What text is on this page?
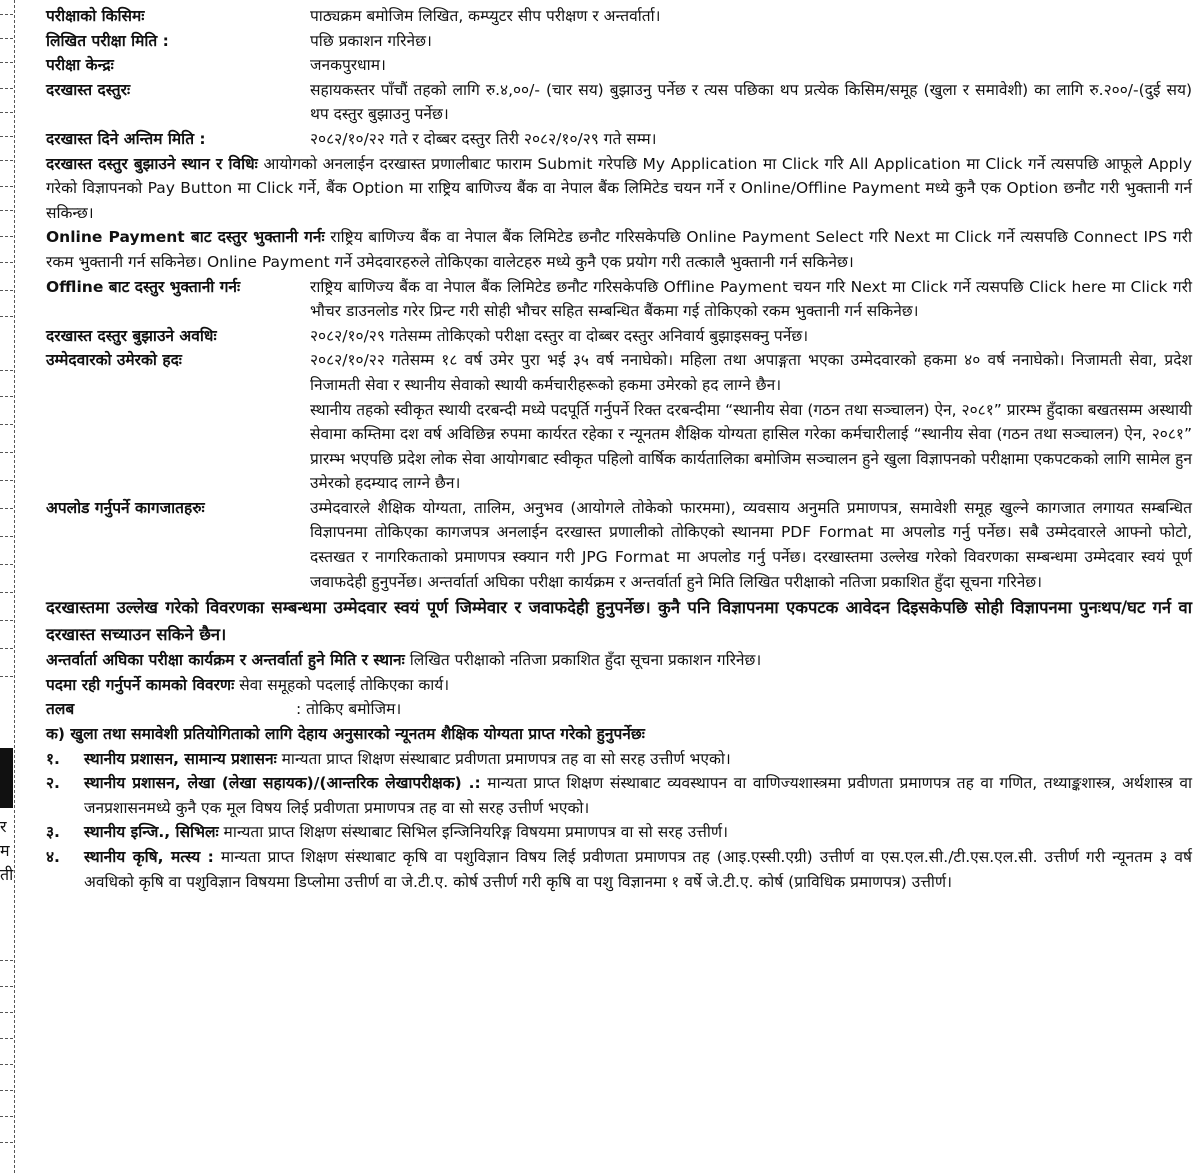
र
म
ती
परीक्षाको किसिमः	पाठ्यक्रम बमोजिम लिखित, कम्प्युटर सीप परीक्षण र अन्तर्वार्ता।
लिखित परीक्षा मिति :	पछि प्रकाशन गरिनेछ।
परीक्षा केन्द्रः	जनकपुरधाम।
दरखास्त दस्तुरः	सहायकस्तर पाँचौं तहको लागि रु.४,००/- (चार सय) बुझाउनु पर्नेछ र त्यस पछिका थप प्रत्येक किसिम/समूह (खुला र समावेशी) का लागि रु.२००/-(दुई सय) थप दस्तुर बुझाउनु पर्नेछ।
दरखास्त दिने अन्तिम मिति :	२०८२/१०/२२ गते र दोब्बर दस्तुर तिरी २०८२/१०/२९ गते सम्म।
दरखास्त दस्तुर बुझाउने स्थान र विधिः आयोगको अनलाईन दरखास्त प्रणालीबाट फाराम Submit गरेपछि My Application मा Click गरि All Application मा Click गर्ने त्यसपछि आफूले Apply गरेको विज्ञापनको Pay Button मा Click गर्ने, बैंक Option मा राष्ट्रिय बाणिज्य बैंक वा नेपाल बैंक लिमिटेड चयन गर्ने र Online/Offline Payment मध्ये कुनै एक Option छनौट गरी भुक्तानी गर्न सकिन्छ।
Online Payment बाट दस्तुर भुक्तानी गर्नः राष्ट्रिय बाणिज्य बैंक वा नेपाल बैंक लिमिटेड छनौट गरिसकेपछि Online Payment Select गरि Next मा Click गर्ने त्यसपछि Connect IPS गरी रकम भुक्तानी गर्न सकिनेछ। Online Payment गर्ने उमेदवारहरुले तोकिएका वालेटहरु मध्ये कुनै एक प्रयोग गरी तत्कालै भुक्तानी गर्न सकिनेछ।
Offline बाट दस्तुर भुक्तानी गर्नः	राष्ट्रिय बाणिज्य बैंक वा नेपाल बैंक लिमिटेड छनौट गरिसकेपछि Offline Payment चयन गरि Next मा Click गर्ने त्यसपछि Click here मा Click गरी भौचर डाउनलोड गरेर प्रिन्ट गरी सोही भौचर सहित सम्बन्धित बैंकमा गई तोकिएको रकम भुक्तानी गर्न सकिनेछ।
दरखास्त दस्तुर बुझाउने अवधिः	२०८२/१०/२९ गतेसम्म तोकिएको परीक्षा दस्तुर वा दोब्बर दस्तुर अनिवार्य बुझाइसक्नु पर्नेछ।
उम्मेदवारको उमेरको हदः	२०८२/१०/२२ गतेसम्म १८ वर्ष उमेर पुरा भई ३५ वर्ष ननाघेको। महिला तथा अपाङ्गता भएका उम्मेदवारको हकमा ४० वर्ष ननाघेको। निजामती सेवा, प्रदेश निजामती सेवा र स्थानीय सेवाको स्थायी कर्मचारीहरूको हकमा उमेरको हद लाग्ने छैन।
स्थानीय तहको स्वीकृत स्थायी दरबन्दी मध्ये पदपूर्ति गर्नुपर्ने रिक्त दरबन्दीमा “स्थानीय सेवा (गठन तथा सञ्चालन) ऐन, २०८१” प्रारम्भ हुँदाका बखतसम्म अस्थायी सेवामा कम्तिमा दश वर्ष अविछिन्न रुपमा कार्यरत रहेका र न्यूनतम शैक्षिक योग्यता हासिल गरेका कर्मचारीलाई “स्थानीय सेवा (गठन तथा सञ्चालन) ऐन, २०८१” प्रारम्भ भएपछि प्रदेश लोक सेवा आयोगबाट स्वीकृत पहिलो वार्षिक कार्यतालिका बमोजिम सञ्चालन हुने खुला विज्ञापनको परीक्षामा एकपटकको लागि सामेल हुन उमेरको हदम्याद लाग्ने छैन।
अपलोड गर्नुपर्ने कागजातहरुः	उम्मेदवारले शैक्षिक योग्यता, तालिम, अनुभव (आयोगले तोकेको फारममा), व्यवसाय अनुमति प्रमाणपत्र, समावेशी समूह खुल्ने कागजात लगायत सम्बन्धित विज्ञापनमा तोकिएका कागजपत्र अनलाईन दरखास्त प्रणालीको तोकिएको स्थानमा PDF Format मा अपलोड गर्नु पर्नेछ। सबै उम्मेदवारले आफ्नो फोटो, दस्तखत र नागरिकताको प्रमाणपत्र स्क्यान गरी JPG Format मा अपलोड गर्नु पर्नेछ। दरखास्तमा उल्लेख गरेको विवरणका सम्बन्धमा उम्मेदवार स्वयं पूर्ण जवाफदेही हुनुपर्नेछ। अन्तर्वार्ता अघिका परीक्षा कार्यक्रम र अन्तर्वार्ता हुने मिति लिखित परीक्षाको नतिजा प्रकाशित हुँदा सूचना गरिनेछ।
दरखास्तमा उल्लेख गरेको विवरणका सम्बन्धमा उम्मेदवार स्वयं पूर्ण जिम्मेवार र जवाफदेही हुनुपर्नेछ। कुनै पनि विज्ञापनमा एकपटक आवेदन दिइसकेपछि सोही विज्ञापनमा पुनःथप/घट गर्न वा दरखास्त सच्याउन सकिने छैन।
अन्तर्वार्ता अघिका परीक्षा कार्यक्रम र अन्तर्वार्ता हुने मिति र स्थानः लिखित परीक्षाको नतिजा प्रकाशित हुँदा सूचना प्रकाशन गरिनेछ।
पदमा रही गर्नुपर्ने कामको विवरणः सेवा समूहको पदलाई तोकिएका कार्य।
तलब	: तोकिए बमोजिम।
क) खुला तथा समावेशी प्रतियोगिताको लागि देहाय अनुसारको न्यूनतम शैक्षिक योग्यता प्राप्त गरेको हुनुपर्नेछः
१.	स्थानीय प्रशासन, सामान्य प्रशासनः मान्यता प्राप्त शिक्षण संस्थाबाट प्रवीणता प्रमाणपत्र तह वा सो सरह उत्तीर्ण भएको।
२.	स्थानीय प्रशासन, लेखा (लेखा सहायक)/(आन्तरिक लेखापरीक्षक) .: मान्यता प्राप्त शिक्षण संस्थाबाट व्यवस्थापन वा वाणिज्यशास्त्रमा प्रवीणता प्रमाणपत्र तह वा गणित, तथ्याङ्कशास्त्र, अर्थशास्त्र वा जनप्रशासनमध्ये कुनै एक मूल विषय लिई प्रवीणता प्रमाणपत्र तह वा सो सरह उत्तीर्ण भएको।
३.	स्थानीय इन्जि., सिभिलः मान्यता प्राप्त शिक्षण संस्थाबाट सिभिल इन्जिनियरिङ्ग विषयमा प्रमाणपत्र वा सो सरह उत्तीर्ण।
४.	स्थानीय कृषि, मत्स्य : मान्यता प्राप्त शिक्षण संस्थाबाट कृषि वा पशुविज्ञान विषय लिई प्रवीणता प्रमाणपत्र तह (आइ.एस्सी.एग्री) उत्तीर्ण वा एस.एल.सी./टी.एस.एल.सी. उत्तीर्ण गरी न्यूनतम ३ वर्ष अवधिको कृषि वा पशुविज्ञान विषयमा डिप्लोमा उत्तीर्ण वा जे.टी.ए. कोर्ष उत्तीर्ण गरी कृषि वा पशु विज्ञानमा १ वर्षे जे.टी.ए. कोर्ष (प्राविधिक प्रमाणपत्र) उत्तीर्ण।
